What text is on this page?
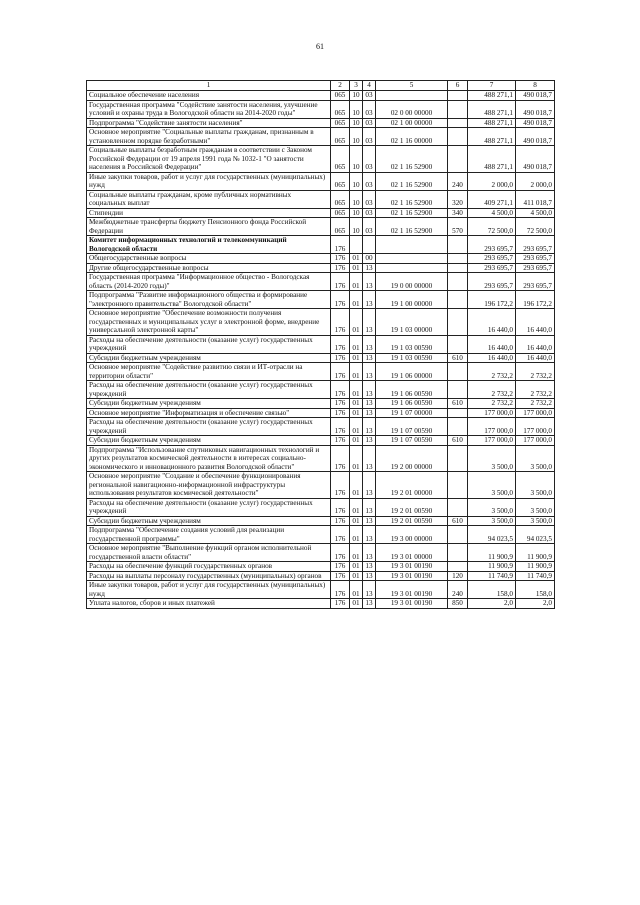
61
1	2	3	4	5	6	7	8
Социальное обеспечение населения	065	10	03			488 271,1	490 018,7
Государственная программа "Содействие занятости населения, улучшение условий и охраны труда в Вологодской области на 2014-2020 годы"	065	10	03	02 0 00 00000		488 271,1	490 018,7
Подпрограмма "Содействие занятости населения"	065	10	03	02 1 00 00000		488 271,1	490 018,7
Основное мероприятие "Социальные выплаты гражданам, признанным в установленном порядке безработными"	065	10	03	02 1 16 00000		488 271,1	490 018,7
Социальные выплаты безработным гражданам в соответствии с Законом Российской Федерации от 19 апреля 1991 года № 1032-1 "О занятости населения в Российской Федерации"	065	10	03	02 1 16 52900		488 271,1	490 018,7
Иные закупки товаров, работ и услуг для государственных (муниципальных) нужд	065	10	03	02 1 16 52900	240	2 000,0	2 000,0
Социальные выплаты гражданам, кроме публичных нормативных социальных выплат	065	10	03	02 1 16 52900	320	409 271,1	411 018,7
Стипендии	065	10	03	02 1 16 52900	340	4 500,0	4 500,0
Межбюджетные трансферты бюджету Пенсионного фонда Российской Федерации	065	10	03	02 1 16 52900	570	72 500,0	72 500,0
Комитет информационных технологий и телекоммуникаций Вологодской области	176					293 695,7	293 695,7
Общегосударственные вопросы	176	01	00			293 695,7	293 695,7
Другие общегосударственные вопросы	176	01	13			293 695,7	293 695,7
Государственная программа "Информационное общество - Вологодская область (2014-2020 годы)"	176	01	13	19 0 00 00000		293 695,7	293 695,7
Подпрограмма "Развитие информационного общества и формирование "электронного правительства" Вологодской области"	176	01	13	19 1 00 00000		196 172,2	196 172,2
Основное мероприятие "Обеспечение возможности получения государственных и муниципальных услуг в электронной форме, внедрение универсальной электронной карты"	176	01	13	19 1 03 00000		16 440,0	16 440,0
Расходы на обеспечение деятельности (оказание услуг) государственных учреждений	176	01	13	19 1 03 00590		16 440,0	16 440,0
Субсидии бюджетным учреждениям	176	01	13	19 1 03 00590	610	16 440,0	16 440,0
Основное мероприятие "Содействие развитию связи и ИТ-отрасли на территории области"	176	01	13	19 1 06 00000		2 732,2	2 732,2
Расходы на обеспечение деятельности (оказание услуг) государственных учреждений	176	01	13	19 1 06 00590		2 732,2	2 732,2
Субсидии бюджетным учреждениям	176	01	13	19 1 06 00590	610	2 732,2	2 732,2
Основное мероприятие "Информатизация и обеспечение связью"	176	01	13	19 1 07 00000		177 000,0	177 000,0
Расходы на обеспечение деятельности (оказание услуг) государственных учреждений	176	01	13	19 1 07 00590		177 000,0	177 000,0
Субсидии бюджетным учреждениям	176	01	13	19 1 07 00590	610	177 000,0	177 000,0
Подпрограмма "Использование спутниковых навигационных технологий и других результатов космической деятельности в интересах социально-экономического и инновационного развития Вологодской области"	176	01	13	19 2 00 00000		3 500,0	3 500,0
Основное мероприятие "Создание и обеспечение функционирования региональной навигационно-информационной инфраструктуры использования результатов космической деятельности"	176	01	13	19 2 01 00000		3 500,0	3 500,0
Расходы на обеспечение деятельности (оказание услуг) государственных учреждений	176	01	13	19 2 01 00590		3 500,0	3 500,0
Субсидии бюджетным учреждениям	176	01	13	19 2 01 00590	610	3 500,0	3 500,0
Подпрограмма "Обеспечение создания условий для реализации государственной программы"	176	01	13	19 3 00 00000		94 023,5	94 023,5
Основное мероприятие "Выполнение функций органом исполнительной государственной власти области"	176	01	13	19 3 01 00000		11 900,9	11 900,9
Расходы на обеспечение функций государственных органов	176	01	13	19 3 01 00190		11 900,9	11 900,9
Расходы на выплаты персоналу государственных (муниципальных) органов	176	01	13	19 3 01 00190	120	11 740,9	11 740,9
Иные закупки товаров, работ и услуг для государственных (муниципальных) нужд	176	01	13	19 3 01 00190	240	158,0	158,0
Уплата налогов, сборов и иных платежей	176	01	13	19 3 01 00190	850	2,0	2,0
